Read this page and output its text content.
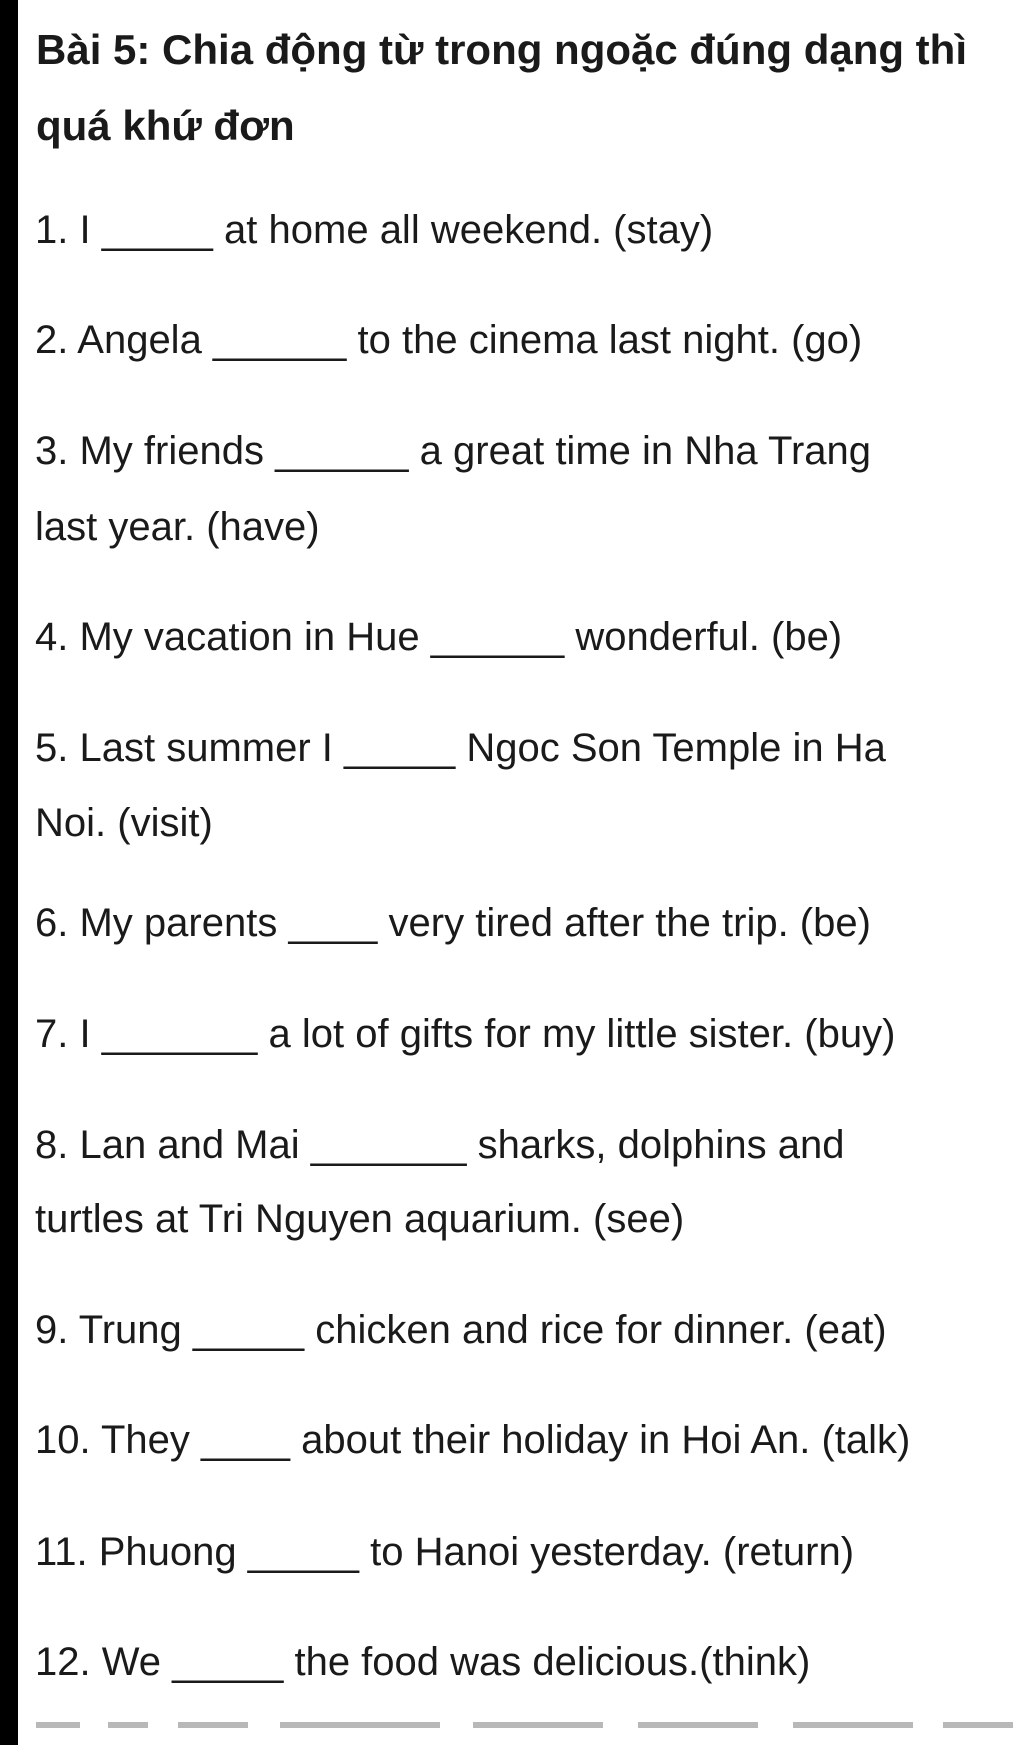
Bài 5: Chia động từ trong ngoặc đúng dạng thì quá khứ đơn

1. I _____ at home all weekend. (stay)

2. Angela ______ to the cinema last night. (go)

3. My friends ______ a great time in Nha Trang

last year. (have)

4. My vacation in Hue ______ wonderful. (be)

5. Last summer I _____ Ngoc Son Temple in Ha

Noi. (visit)

6. My parents ____ very tired after the trip. (be)

7. I _______ a lot of gifts for my little sister. (buy)

8. Lan and Mai _______ sharks, dolphins and

turtles at Tri Nguyen aquarium. (see)

9. Trung _____ chicken and rice for dinner. (eat)

10. They ____ about their holiday in Hoi An. (talk)

11. Phuong _____ to Hanoi yesterday. (return)

12. We _____ the food was delicious.(think)
